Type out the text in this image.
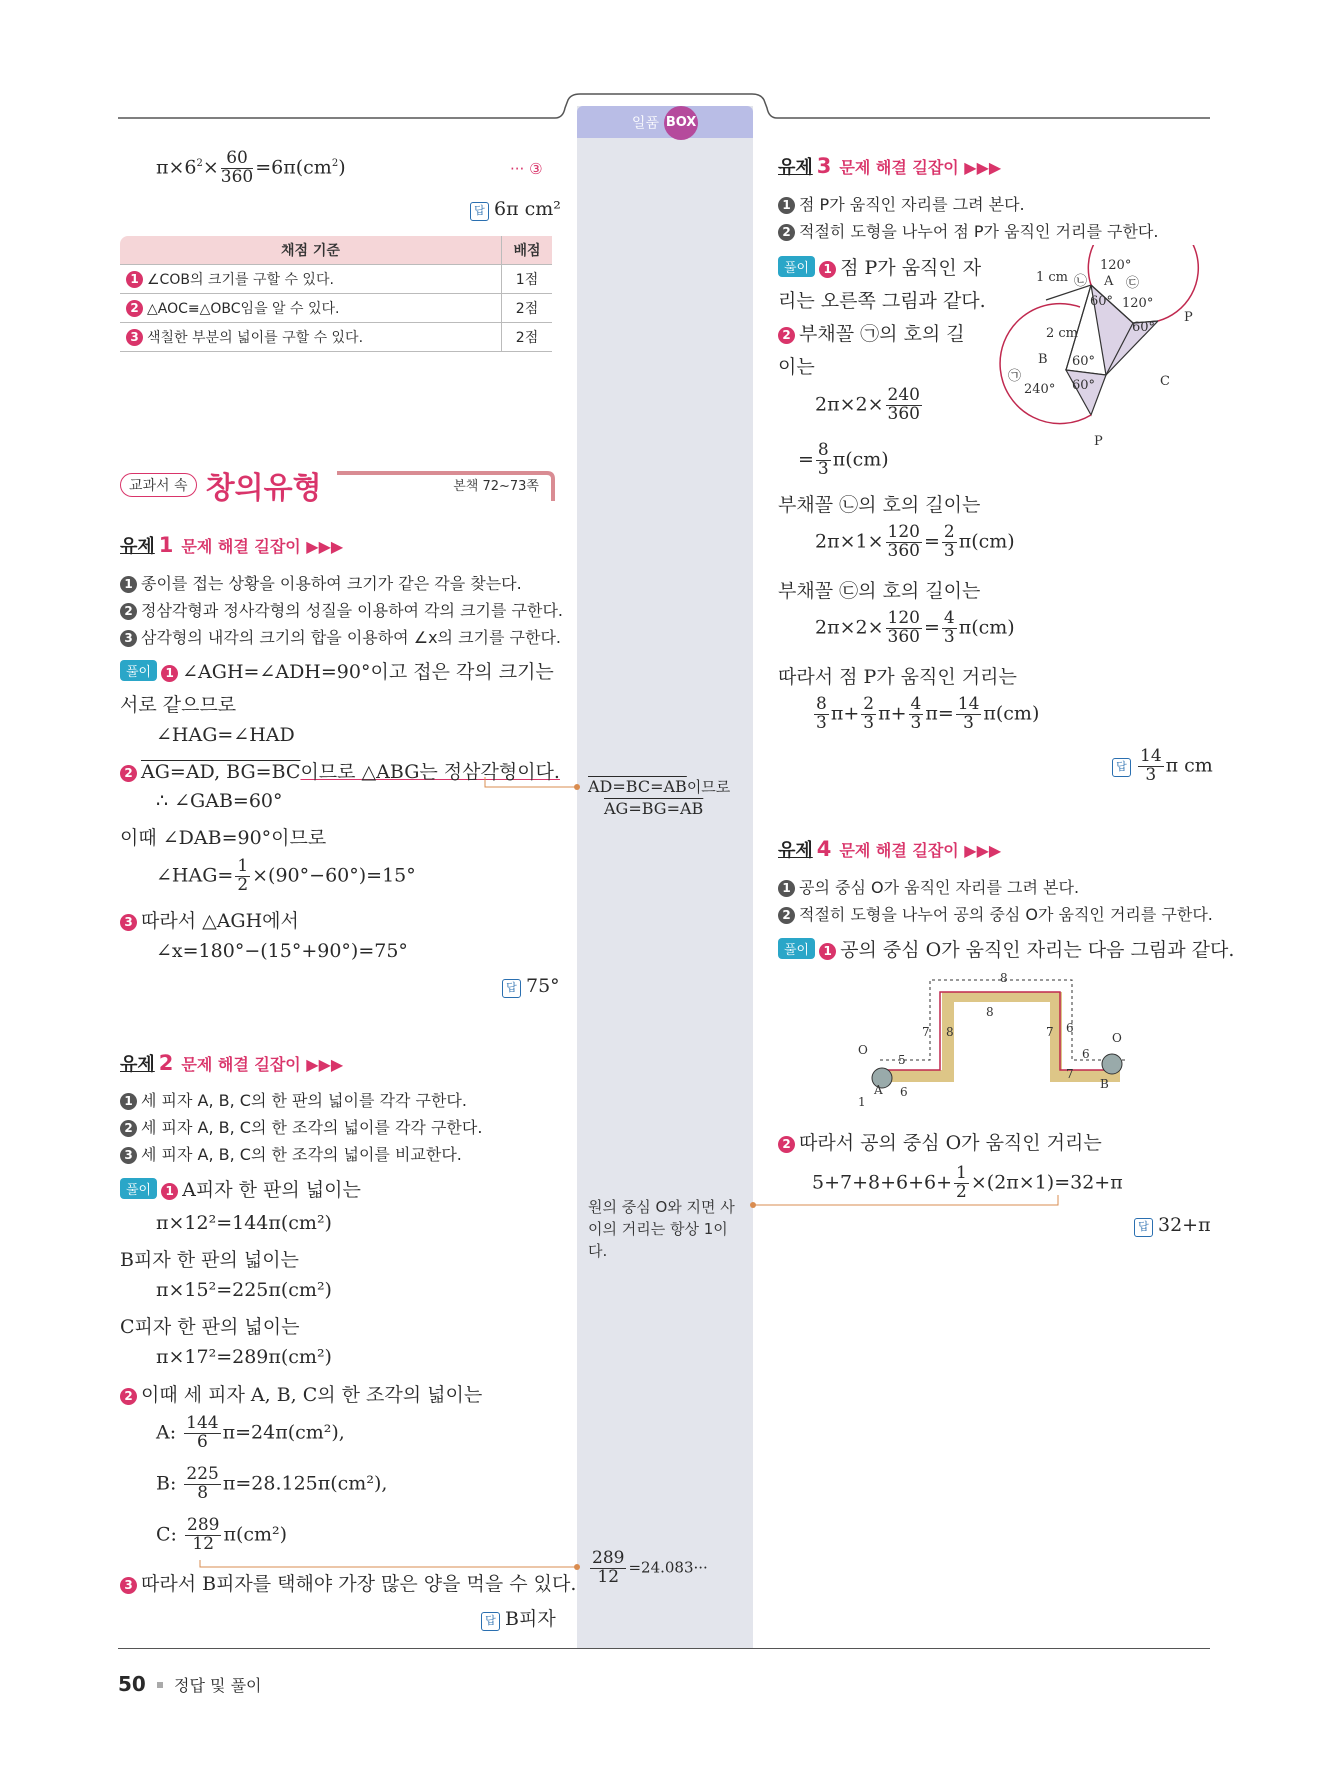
일품 BOX
$\pi\times 6^2\times \frac{60}{360} =6\pi(cm^2)$	··· ③
답 6π cm²
채점 기준	배점
1 ∠COB의 크기를 구할 수 있다.	1점
2 △AOC≡△OBC임을 알 수 있다.	2점
3 색칠한 부분의 넓이를 구할 수 있다.	2점
교과서 속 창의유형	본책 72~73쪽
유제 1 문제 해결 길잡이 ▶▶▶
1 종이를 접는 상황을 이용하여 크기가 같은 각을 찾는다.
2 정삼각형과 정사각형의 성질을 이용하여 각의 크기를 구한다.
3 삼각형의 내각의 크기의 합을 이용하여 ∠x의 크기를 구한다.
풀이 1 ∠AGH=∠ADH=90°이고 접은 각의 크기는
서로 같으므로
∠HAG=∠HAD
2 AG=AD, BG=BC이므로 △ABG는 정삼각형이다.
∴ ∠GAB=60°
이때 ∠DAB=90°이므로
∠HAG= $\frac{1}{2} \times(90^\circ-60^\circ)=15^\circ$
3 따라서 △AGH에서
∠x=180°−(15°+90°)=75°
답 75°
유제 2 문제 해결 길잡이 ▶▶▶
1 세 피자 A, B, C의 한 판의 넓이를 각각 구한다.
2 세 피자 A, B, C의 한 조각의 넓이를 각각 구한다.
3 세 피자 A, B, C의 한 조각의 넓이를 비교한다.
풀이 1 A피자 한 판의 넓이는
π×12²=144π(cm²)
B피자 한 판의 넓이는
π×15²=225π(cm²)
C피자 한 판의 넓이는
π×17²=289π(cm²)
2 이때 세 피자 A, B, C의 한 조각의 넓이는
A: $\frac{144}{6} \pi=24\pi(cm^2)$,
B: $\frac{225}{8} \pi=28.125\pi(cm^2)$,
C: $\frac{289}{12} \pi(cm^2)$
3 따라서 B피자를 택해야 가장 많은 양을 먹을 수 있다.
답 B피자
AD=BC=AB이므로
AG=BG=AB
원의 중심 O와 지면 사이의 거리는 항상 1이다.
$\frac{289}{12} =24.083\cdot\cdot\cdot$
유제 3 문제 해결 길잡이 ▶▶▶
1 점 P가 움직인 자리를 그려 본다.
2 적절히 도형을 나누어 점 P가 움직인 거리를 구한다.
풀이 1 점 P가 움직인 자
리는 오른쪽 그림과 같다.
2 부채꼴 ㉠의 호의 길
이는
$2\pi\times 2\times \frac{240}{360}$
= $\frac{8}{3} \pi(cm)$
부채꼴 ㉡의 호의 길이는
$2\pi\times 1\times \frac{120}{360} = \frac{2}{3} \pi(cm)$
부채꼴 ㉢의 호의 길이는
$2\pi\times 2\times \frac{120}{360} = \frac{4}{3} \pi(cm)$
따라서 점 P가 움직인 거리는
$\frac{8}{3} \pi+ \frac{2}{3} \pi+ \frac{4}{3} \pi= \frac{14}{3} \pi(cm)$
답 $\frac{14}{3}$ π cm
1 cm
120°
A ㉢
㉡
120°
60°
60°
P
2 cm
B 60°
㉠
240° 60°	C
P
유제 4 문제 해결 길잡이 ▶▶▶
1 공의 중심 O가 움직인 자리를 그려 본다.
2 적절히 도형을 나누어 공의 중심 O가 움직인 거리를 구한다.
풀이 1 공의 중심 O가 움직인 자리는 다음 그림과 같다.
8
8
7 8	7 6
6
5
6
7
O
O
1
A	B
2 따라서 공의 중심 O가 움직인 거리는
$5+7+8+6+6+ \frac{1}{2} \times(2\pi\times 1)=32+\pi$
답 32+π
50 정답 및 풀이
